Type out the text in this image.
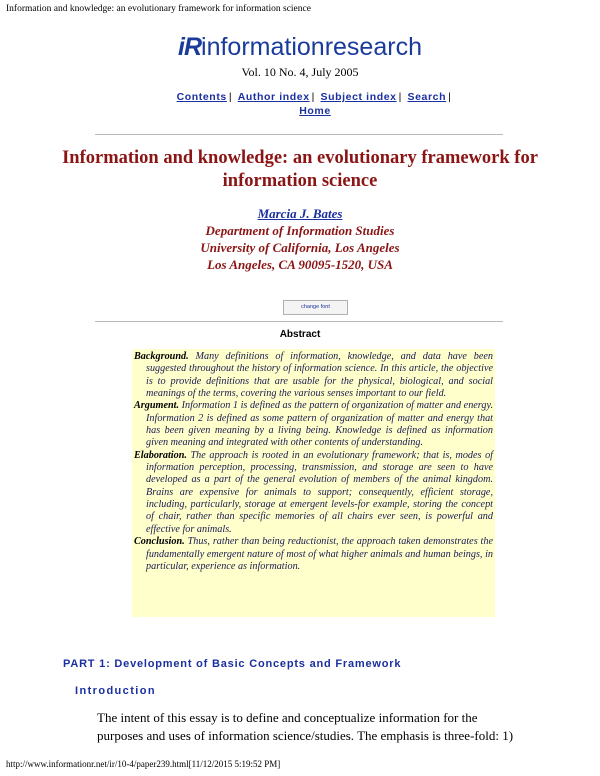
Information and knowledge: an evolutionary framework for information science
iRinformationresearch
Vol. 10 No. 4, July 2005
Contents | Author index | Subject index | Search |
Home
Information and knowledge: an evolutionary framework for information science
Marcia J. Bates
Department of Information Studies
University of California, Los Angeles
Los Angeles, CA 90095-1520, USA
change font
Abstract

Background. Many definitions of information, knowledge, and data have been suggested throughout the history of information science. In this article, the objective is to provide definitions that are usable for the physical, biological, and social meanings of the terms, covering the various senses important to our field.

Argument. Information 1 is defined as the pattern of organization of matter and energy. Information 2 is defined as some pattern of organization of matter and energy that has been given meaning by a living being. Knowledge is defined as information given meaning and integrated with other contents of understanding.

Elaboration. The approach is rooted in an evolutionary framework; that is, modes of information perception, processing, transmission, and storage are seen to have developed as a part of the general evolution of members of the animal kingdom. Brains are expensive for animals to support; consequently, efficient storage, including, particularly, storage at emergent levels-for example, storing the concept of chair, rather than specific memories of all chairs ever seen, is powerful and effective for animals.

Conclusion. Thus, rather than being reductionist, the approach taken demonstrates the fundamentally emergent nature of most of what higher animals and human beings, in particular, experience as information.

PART 1: Development of Basic Concepts and Framework
Introduction
The intent of this essay is to define and conceptualize information for the
purposes and uses of information science/studies. The emphasis is three-fold: 1)
http://www.informationr.net/ir/10-4/paper239.html[11/12/2015 5:19:52 PM]
